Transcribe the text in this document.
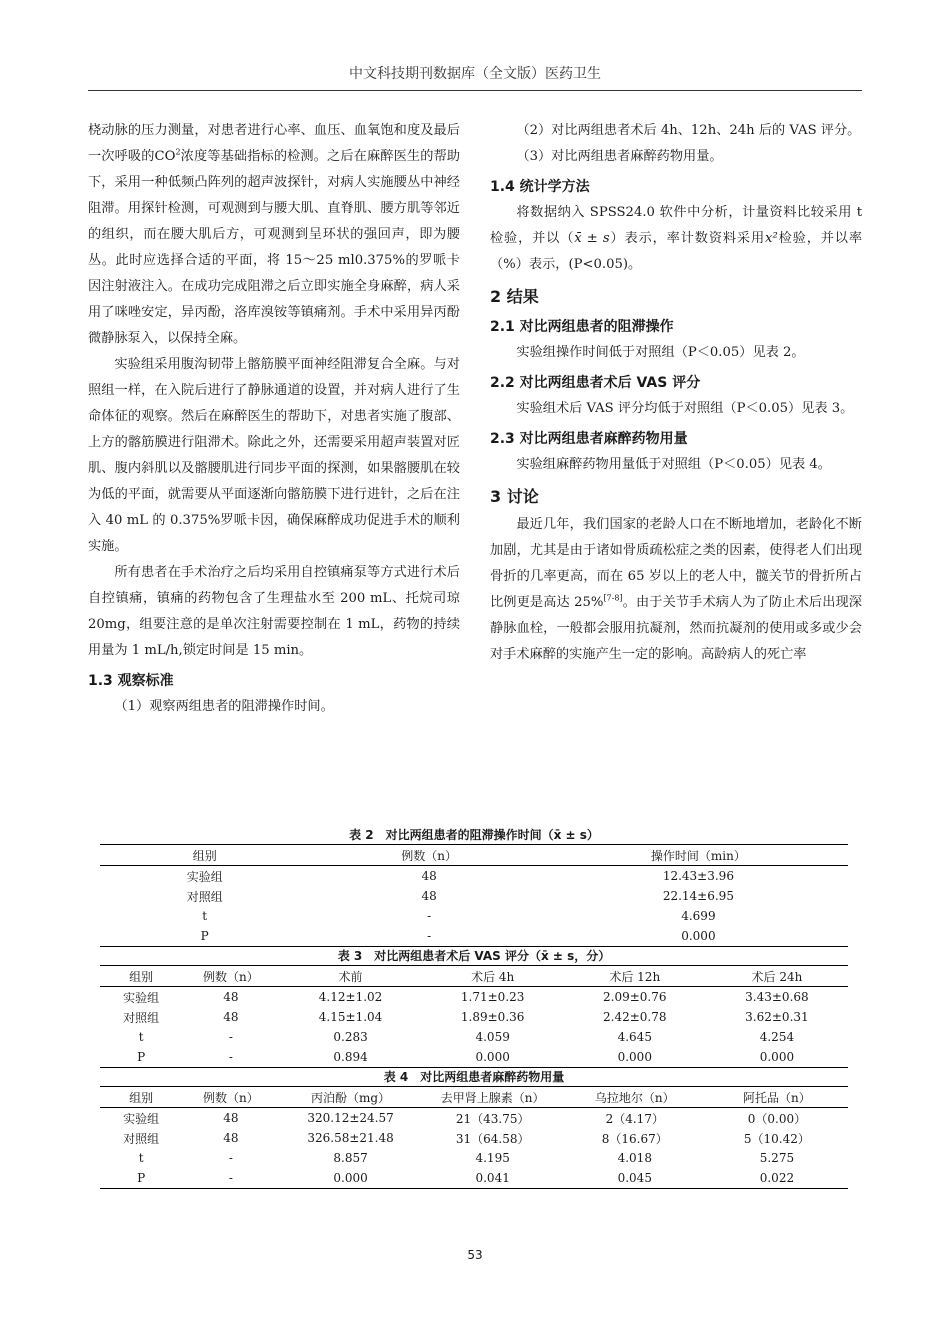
中文科技期刊数据库（全文版）医药卫生

桡动脉的压力测量，对患者进行心率、血压、血氧饱和度及最后一次呼吸的$CO^2$浓度等基础指标的检测。之后在麻醉医生的帮助下，采用一种低频凸阵列的超声波探针，对病人实施腰丛中神经阻滞。用探针检测，可观测到与腰大肌、直脊肌、腰方肌等邻近的组织，而在腰大肌后方，可观测到呈环状的强回声，即为腰丛。此时应选择合适的平面，将 15～25 ml0.375%的罗哌卡因注射液注入。在成功完成阻滞之后立即实施全身麻醉，病人采用了咪唑安定，异丙酚，洛库溴铵等镇痛剂。手术中采用异丙酚微静脉泵入，以保持全麻。

实验组采用腹沟韧带上髂筋膜平面神经阻滞复合全麻。与对照组一样，在入院后进行了静脉通道的设置，并对病人进行了生命体征的观察。然后在麻醉医生的帮助下，对患者实施了腹部、上方的髂筋膜进行阻滞术。除此之外，还需要采用超声装置对匠肌、腹内斜肌以及髂腰肌进行同步平面的探测，如果髂腰肌在较为低的平面，就需要从平面逐渐向髂筋膜下进行进针，之后在注入 40 mL 的 0.375%罗哌卡因，确保麻醉成功促进手术的顺利实施。

所有患者在手术治疗之后均采用自控镇痛泵等方式进行术后自控镇痛，镇痛的药物包含了生理盐水至 200 mL、托烷司琼 20mg，组要注意的是单次注射需要控制在 1 mL，药物的持续用量为 1 mL/h,锁定时间是 15 min。

1.3 观察标准

（1）观察两组患者的阻滞操作时间。

（2）对比两组患者术后 4h、12h、24h 后的 VAS 评分。

（3）对比两组患者麻醉药物用量。

1.4 统计学方法

将数据纳入 SPSS24.0 软件中分析，计量资料比较采用 t 检验，并以（x̄ ± s）表示，率计数资料采用x²检验，并以率（%）表示，(P<0.05)。

2 结果
2.1 对比两组患者的阻滞操作

实验组操作时间低于对照组（P＜0.05）见表 2。

2.2 对比两组患者术后 VAS 评分

实验组术后 VAS 评分均低于对照组（P＜0.05）见表 3。

2.3 对比两组患者麻醉药物用量

实验组麻醉药物用量低于对照组（P＜0.05）见表 4。

3 讨论

最近几年，我们国家的老龄人口在不断地增加，老龄化不断加剧，尤其是由于诸如骨质疏松症之类的因素，使得老人们出现骨折的几率更高，而在 65 岁以上的老人中，髋关节的骨折所占比例更是高达 25%[7-8]。由于关节手术病人为了防止术后出现深静脉血栓，一般都会服用抗凝剂，然而抗凝剂的使用或多或少会对手术麻醉的实施产生一定的影响。高龄病人的死亡率

表 2　对比两组患者的阻滞操作时间（x̄ ± s）
组别	例数（n）	操作时间（min）
实验组	48	12.43±3.96
对照组	48	22.14±6.95
t	-	4.699
P	-	0.000
表 3　对比两组患者术后 VAS 评分（x̄ ± s，分）
组别	例数（n）	术前	术后 4h	术后 12h	术后 24h
实验组	48	4.12±1.02	1.71±0.23	2.09±0.76	3.43±0.68
对照组	48	4.15±1.04	1.89±0.36	2.42±0.78	3.62±0.31
t	-	0.283	4.059	4.645	4.254
P	-	0.894	0.000	0.000	0.000
表 4　对比两组患者麻醉药物用量
组别	例数（n）	丙泊酚（mg）	去甲肾上腺素（n）	乌拉地尔（n）	阿托品（n）
实验组	48	320.12±24.57	21（43.75）	2（4.17）	0（0.00）
对照组	48	326.58±21.48	31（64.58）	8（16.67）	5（10.42）
t	-	8.857	4.195	4.018	5.275
P	-	0.000	0.041	0.045	0.022
53
